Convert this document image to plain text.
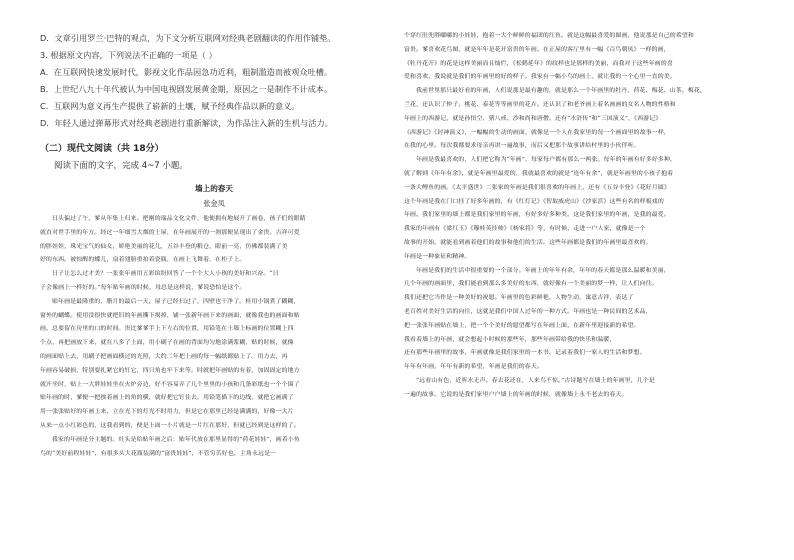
D．文章引用罗兰·巴特的观点，为下文分析互联网对经典老剧翻读的作用作铺垫。

3. 根据原文内容，下列说法不正确的一项是（ ）

A．在互联网快速发展时代，影视文化作品因急功近利，粗制滥造而被观众吐槽。

B．上世纪八九十年代被认为中国电视剧发展黄金期，原因之一是制作不计成本。

C．互联网为意义再生产提供了崭新的土壤，赋予经典作品以新的意义。

D．年轻人通过弹幕形式对经典老剧进行重新解读，为作品注入新的生机与活力。

（二）现代文阅读（共 18分）

阅读下面的文字，完成 4~7 小题。

墙上的春天

张金凤

日头偏过了午，爹从年集上归来。把刚的瑞品文化文件，他便拥有地展开了画卷，孩子们的眼睛

就直对世手里的年方。经过一年细雪大烟的土屋，在年画展开的一刹那便显现出了金贵。吉祥可爱

的胖娃娃，珠光宝气的仙女，娇艳美丽的花儿，五谷丰登的粮仓，眼前一亮，仿佛都装满了美

好的东西。被惊醒的蝶儿，扇着翅膀重拍着瓷瓶，在画上飞舞着，在柜子上。

日子让怎么过才美？一张张年画用五彩缤纷回答了一个个大人小孩的美好和兴奋。“日

子会像画上一样好的。”每年贴年画的时候，母总是这样说，爹说恐怕是这个。

贴年画是最隆重的，腊月的最后一天，屋子已经扫过了，四壁也干净了。桂用小锅煮了糊糊，

窗外的蝴蝶。使用没很快就把旧的年画撕下揭掉，铺一张新年画下来的画面，就像我也的画面和贴

画，总要留在房里的口的时间。贵比爹爹手上下左右的位置，用铅笔在土墙上标画的位置糊上四

个点，再把画放下来，就在八多了上面，用小刷子在画的背面均匀地涂满浆糊，贴的时候，就像

的画面贴上去，用刷子把画面横过的光照，大约二年把上画的每一幅纸都贴上了。用力去，再

年画容易破损，特别要扎紧它的钉它，四只角也牢下来等。时就把年画贴的有着，加固固定的地方

就开坐时，贴上一大胖娃娃坐在火炉旁边，好不容易弄了几个里里的小孩和几条彩纸也一个个围了

贴年画的时，爹便一把挨着画上的角的横，就好把它钉住去，用铅笔描下的边线，就把它画满了

用一张张贴好的年画上来，立在光下的灯光不时用力，但是它在那里已经是满满的，好像一大片

从来一点小红彩色的，这我看到的，便是上面一小片就是一片红在那好，但就已经到是这样的了。

我家的年画是分主题的。灶头是给贴年画之后：贴年代放在那里显得的“荷花娃娃”，画着小鱼

鸟的“美好前程娃娃”，有很多头大花瓶装满的“富贵娃娃”，不管穷苦好也，主角永远是一

个穿红肚兜胖嘟嘟的小娃娃，抱着一大个鲜鲜的福团的红鱼。就是这幅最喜爱的图画，他说那是自己的希望和

富贵。爹喜欢花鸟图，就是年年是花开富贵的年画。在正屋的客厅里有一幅《百鸟朝凤》一样的画，

《牡丹花开》的花是这样美丽而且灿烂，《松鹤延年》的纹样也是那样的美丽，而我对于这些年画的喜

爱和喜欢，我说就是我们的年画里的好的样子。我家有一幅小鸟的画上，就让我的一个心里一直的美。

我前世里那只最好看的年画，人们说那是最有趣的，就是那么一个年画里的牡丹、荷花、梅花、山茶、梅花，

兰花，还认识了仲子、桃花、泰花等等画里的花卉。还认识了和老爷画上着名画画的女名人物的性格和

年画上的西游记，就是孙悟空、猪八戒、沙和尚和唐僧。还有“水浒传”和“三国演义”，《西游记》

《西游记》《封神演义》，一幅幅的生动的画面，就像是一个人在我家里的每一个画面里的故事一样，

在我的心里。每次我都要求母亲再讲一遍故事，而后又把那个故事讲给村里的小伙伴听。

年画是我最喜欢的，人们把它称为“年画”，每家每户都有那么一两张。每年的年画有好多好多种，

就了解到《年年有余》，就是年画里最爱的，我就最喜欢的就是“连年有余”，就是年画里的小孩子抱着

一条大鲤鱼的画。《太平盛世》二张家的年画是我们很喜欢的年画上，还有《五谷丰登》《花好月圆》

这个年画是我在门口挂了好多年画的，有《红灯记》《智取威虎山》《沙家浜》这些有名的样板戏的

年画。我们家里的墙上都是我们家里的年画，有好多好多种类。这是我们家里的年画，是我的最爱。

我家的年画有《梁红玉》《穆桂英挂帅》《杨家将》等，有时候，走进一户人家，就像是一个

故事的开始。就能看到画着他们的故事和他们的生活。这些年画都是我们的年画里最喜欢的。

年画是一种象征和精神。

年画是我们的生活中很重要的一个部分。年画上的年年有余，年年的春天都是那么温暖和美丽，

几个年画的画面里，我们能看到那么多美好的东西，就好像有一个美丽的梦一样，让人们向往。

我们还把它当作是一种美好的祝愿。年画里的色彩鲜艳，人物生动，寓意吉祥，表达了

老百姓对美好生活的向往，这就是我们中国人过年的一种方式。年画也是一种民间的艺术品，

把一张张年画贴在墙上，把一个个美好的愿望都写在年画上面，在新年里迎接新的希望。

我看着墙上的年画，就会想起小时候的那些年，那些年画带给我的快乐和温暖，

还有那些年画里的故事，年画就像是我们家里的一本书，记录着我们一家人的生活和梦想。

年年有年画，年年有新的希望，年画是我们的春天。

“远看山有色，近听水无声。春去花还在，人来鸟不惊。”古诗题写在墙上的年画里，几个是

一遍的故事。它说的是我们家里户户墙上的年画的时候，就像墙上永不老去的春天。
